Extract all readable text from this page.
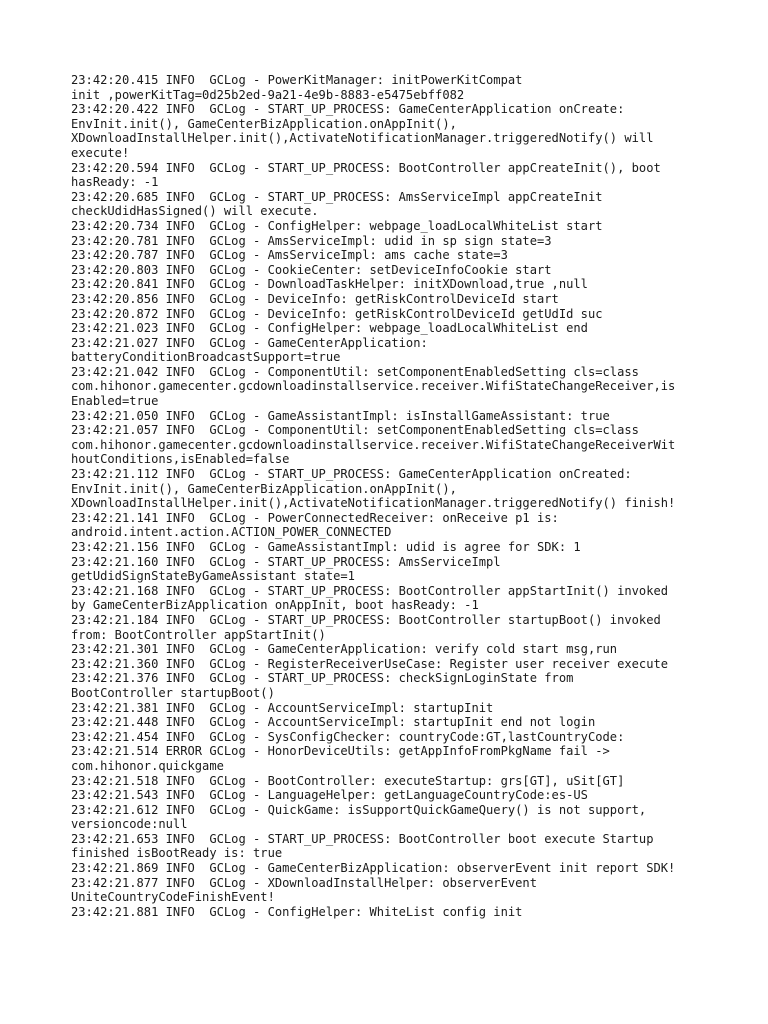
23:42:20.415 INFO  GCLog - PowerKitManager: initPowerKitCompat
init ,powerKitTag=0d25b2ed-9a21-4e9b-8883-e5475ebff082
23:42:20.422 INFO  GCLog - START_UP_PROCESS: GameCenterApplication onCreate:
EnvInit.init(), GameCenterBizApplication.onAppInit(),
XDownloadInstallHelper.init(),ActivateNotificationManager.triggeredNotify() will
execute!
23:42:20.594 INFO  GCLog - START_UP_PROCESS: BootController appCreateInit(), boot
hasReady: -1
23:42:20.685 INFO  GCLog - START_UP_PROCESS: AmsServiceImpl appCreateInit
checkUdidHasSigned() will execute.
23:42:20.734 INFO  GCLog - ConfigHelper: webpage_loadLocalWhiteList start
23:42:20.781 INFO  GCLog - AmsServiceImpl: udid in sp sign state=3
23:42:20.787 INFO  GCLog - AmsServiceImpl: ams cache state=3
23:42:20.803 INFO  GCLog - CookieCenter: setDeviceInfoCookie start
23:42:20.841 INFO  GCLog - DownloadTaskHelper: initXDownload,true ,null
23:42:20.856 INFO  GCLog - DeviceInfo: getRiskControlDeviceId start
23:42:20.872 INFO  GCLog - DeviceInfo: getRiskControlDeviceId getUdId suc
23:42:21.023 INFO  GCLog - ConfigHelper: webpage_loadLocalWhiteList end
23:42:21.027 INFO  GCLog - GameCenterApplication:
batteryConditionBroadcastSupport=true
23:42:21.042 INFO  GCLog - ComponentUtil: setComponentEnabledSetting cls=class
com.hihonor.gamecenter.gcdownloadinstallservice.receiver.WifiStateChangeReceiver,is
Enabled=true
23:42:21.050 INFO  GCLog - GameAssistantImpl: isInstallGameAssistant: true
23:42:21.057 INFO  GCLog - ComponentUtil: setComponentEnabledSetting cls=class
com.hihonor.gamecenter.gcdownloadinstallservice.receiver.WifiStateChangeReceiverWit
houtConditions,isEnabled=false
23:42:21.112 INFO  GCLog - START_UP_PROCESS: GameCenterApplication onCreated:
EnvInit.init(), GameCenterBizApplication.onAppInit(),
XDownloadInstallHelper.init(),ActivateNotificationManager.triggeredNotify() finish!
23:42:21.141 INFO  GCLog - PowerConnectedReceiver: onReceive p1 is:
android.intent.action.ACTION_POWER_CONNECTED
23:42:21.156 INFO  GCLog - GameAssistantImpl: udid is agree for SDK: 1
23:42:21.160 INFO  GCLog - START_UP_PROCESS: AmsServiceImpl
getUdidSignStateByGameAssistant state=1
23:42:21.168 INFO  GCLog - START_UP_PROCESS: BootController appStartInit() invoked
by GameCenterBizApplication onAppInit, boot hasReady: -1
23:42:21.184 INFO  GCLog - START_UP_PROCESS: BootController startupBoot() invoked
from: BootController appStartInit()
23:42:21.301 INFO  GCLog - GameCenterApplication: verify cold start msg,run
23:42:21.360 INFO  GCLog - RegisterReceiverUseCase: Register user receiver execute
23:42:21.376 INFO  GCLog - START_UP_PROCESS: checkSignLoginState from
BootController startupBoot()
23:42:21.381 INFO  GCLog - AccountServiceImpl: startupInit
23:42:21.448 INFO  GCLog - AccountServiceImpl: startupInit end not login
23:42:21.454 INFO  GCLog - SysConfigChecker: countryCode:GT,lastCountryCode:
23:42:21.514 ERROR GCLog - HonorDeviceUtils: getAppInfoFromPkgName fail ->
com.hihonor.quickgame
23:42:21.518 INFO  GCLog - BootController: executeStartup: grs[GT], uSit[GT]
23:42:21.543 INFO  GCLog - LanguageHelper: getLanguageCountryCode:es-US
23:42:21.612 INFO  GCLog - QuickGame: isSupportQuickGameQuery() is not support,
versioncode:null
23:42:21.653 INFO  GCLog - START_UP_PROCESS: BootController boot execute Startup
finished isBootReady is: true
23:42:21.869 INFO  GCLog - GameCenterBizApplication: observerEvent init report SDK!
23:42:21.877 INFO  GCLog - XDownloadInstallHelper: observerEvent
UniteCountryCodeFinishEvent!
23:42:21.881 INFO  GCLog - ConfigHelper: WhiteList config init
